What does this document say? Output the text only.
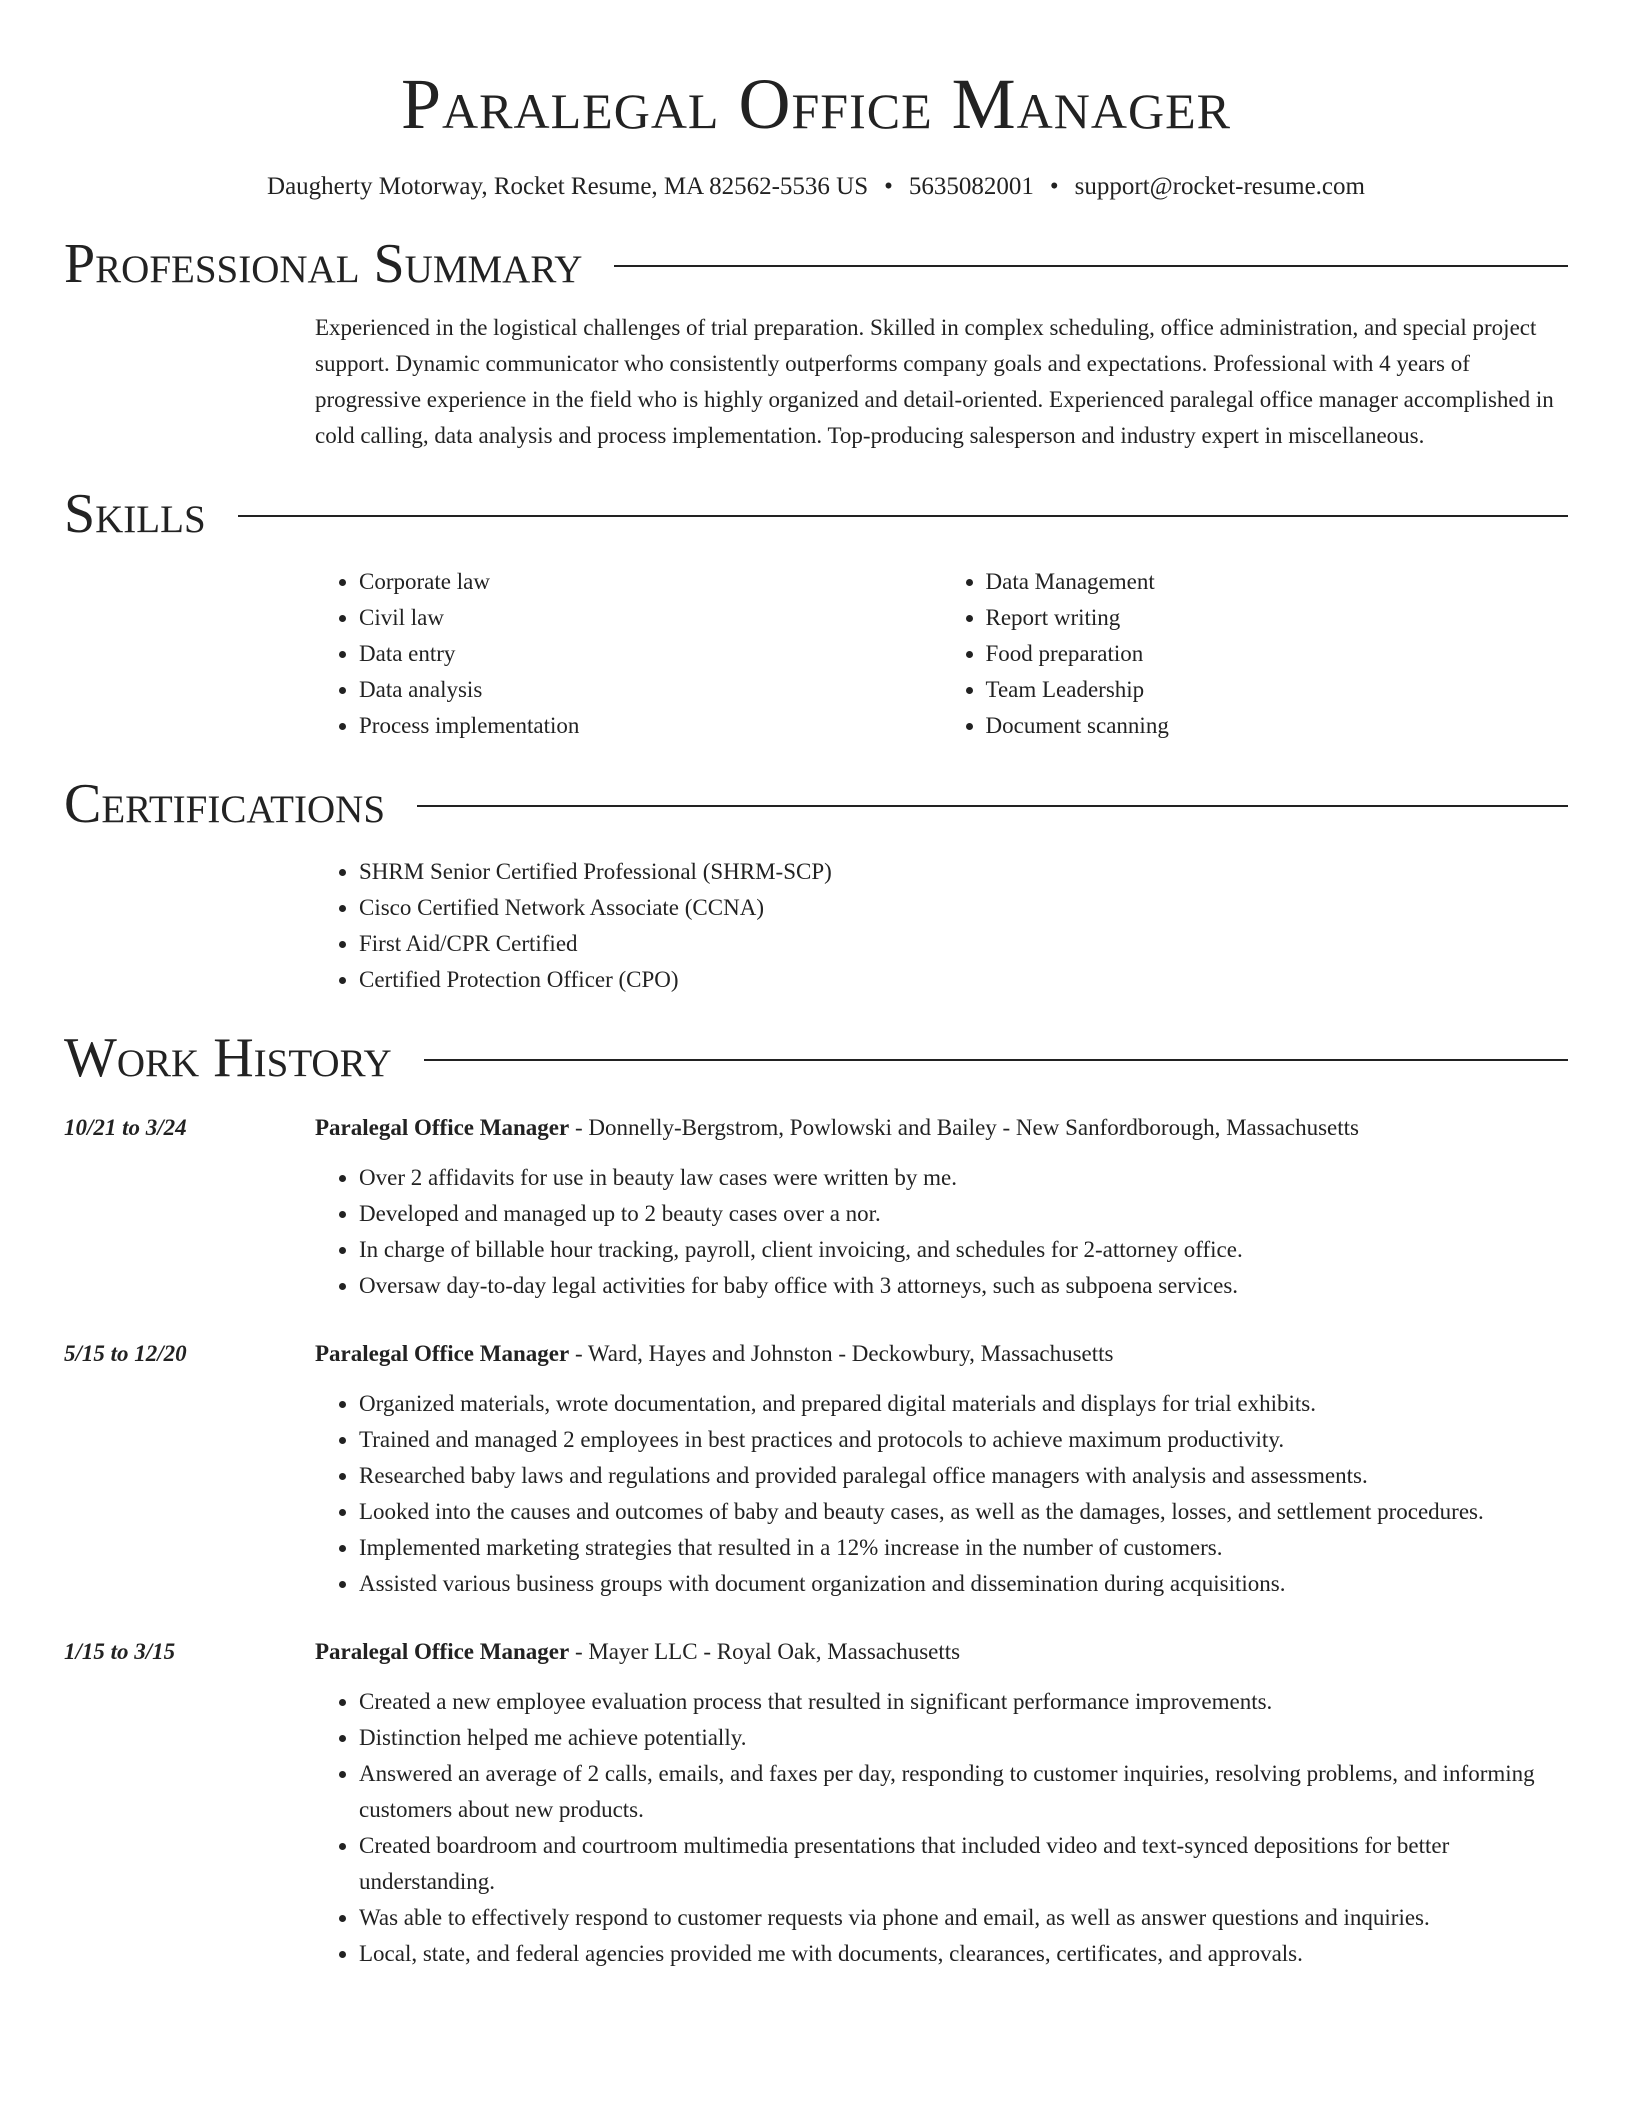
Paralegal Office Manager
Daugherty Motorway, Rocket Resume, MA 82562-5536 US • 5635082001 • support@rocket-resume.com
Professional Summary
Experienced in the logistical challenges of trial preparation. Skilled in complex scheduling, office administration, and special project support. Dynamic communicator who consistently outperforms company goals and expectations. Professional with 4 years of progressive experience in the field who is highly organized and detail-oriented. Experienced paralegal office manager accomplished in cold calling, data analysis and process implementation. Top-producing salesperson and industry expert in miscellaneous.
Skills
• Corporate law
• Civil law
• Data entry
• Data analysis
• Process implementation
• Data Management
• Report writing
• Food preparation
• Team Leadership
• Document scanning
Certifications
• SHRM Senior Certified Professional (SHRM-SCP)
• Cisco Certified Network Associate (CCNA)
• First Aid/CPR Certified
• Certified Protection Officer (CPO)
Work History
10/21 to 3/24	Paralegal Office Manager - Donnelly-Bergstrom, Powlowski and Bailey - New Sanfordborough, Massachusetts
• Over 2 affidavits for use in beauty law cases were written by me.
• Developed and managed up to 2 beauty cases over a nor.
• In charge of billable hour tracking, payroll, client invoicing, and schedules for 2-attorney office.
• Oversaw day-to-day legal activities for baby office with 3 attorneys, such as subpoena services.
5/15 to 12/20	Paralegal Office Manager - Ward, Hayes and Johnston - Deckowbury, Massachusetts
• Organized materials, wrote documentation, and prepared digital materials and displays for trial exhibits.
• Trained and managed 2 employees in best practices and protocols to achieve maximum productivity.
• Researched baby laws and regulations and provided paralegal office managers with analysis and assessments.
• Looked into the causes and outcomes of baby and beauty cases, as well as the damages, losses, and settlement procedures.
• Implemented marketing strategies that resulted in a 12% increase in the number of customers.
• Assisted various business groups with document organization and dissemination during acquisitions.
1/15 to 3/15	Paralegal Office Manager - Mayer LLC - Royal Oak, Massachusetts
• Created a new employee evaluation process that resulted in significant performance improvements.
• Distinction helped me achieve potentially.
• Answered an average of 2 calls, emails, and faxes per day, responding to customer inquiries, resolving problems, and informing customers about new products.
• Created boardroom and courtroom multimedia presentations that included video and text-synced depositions for better understanding.
• Was able to effectively respond to customer requests via phone and email, as well as answer questions and inquiries.
• Local, state, and federal agencies provided me with documents, clearances, certificates, and approvals.
